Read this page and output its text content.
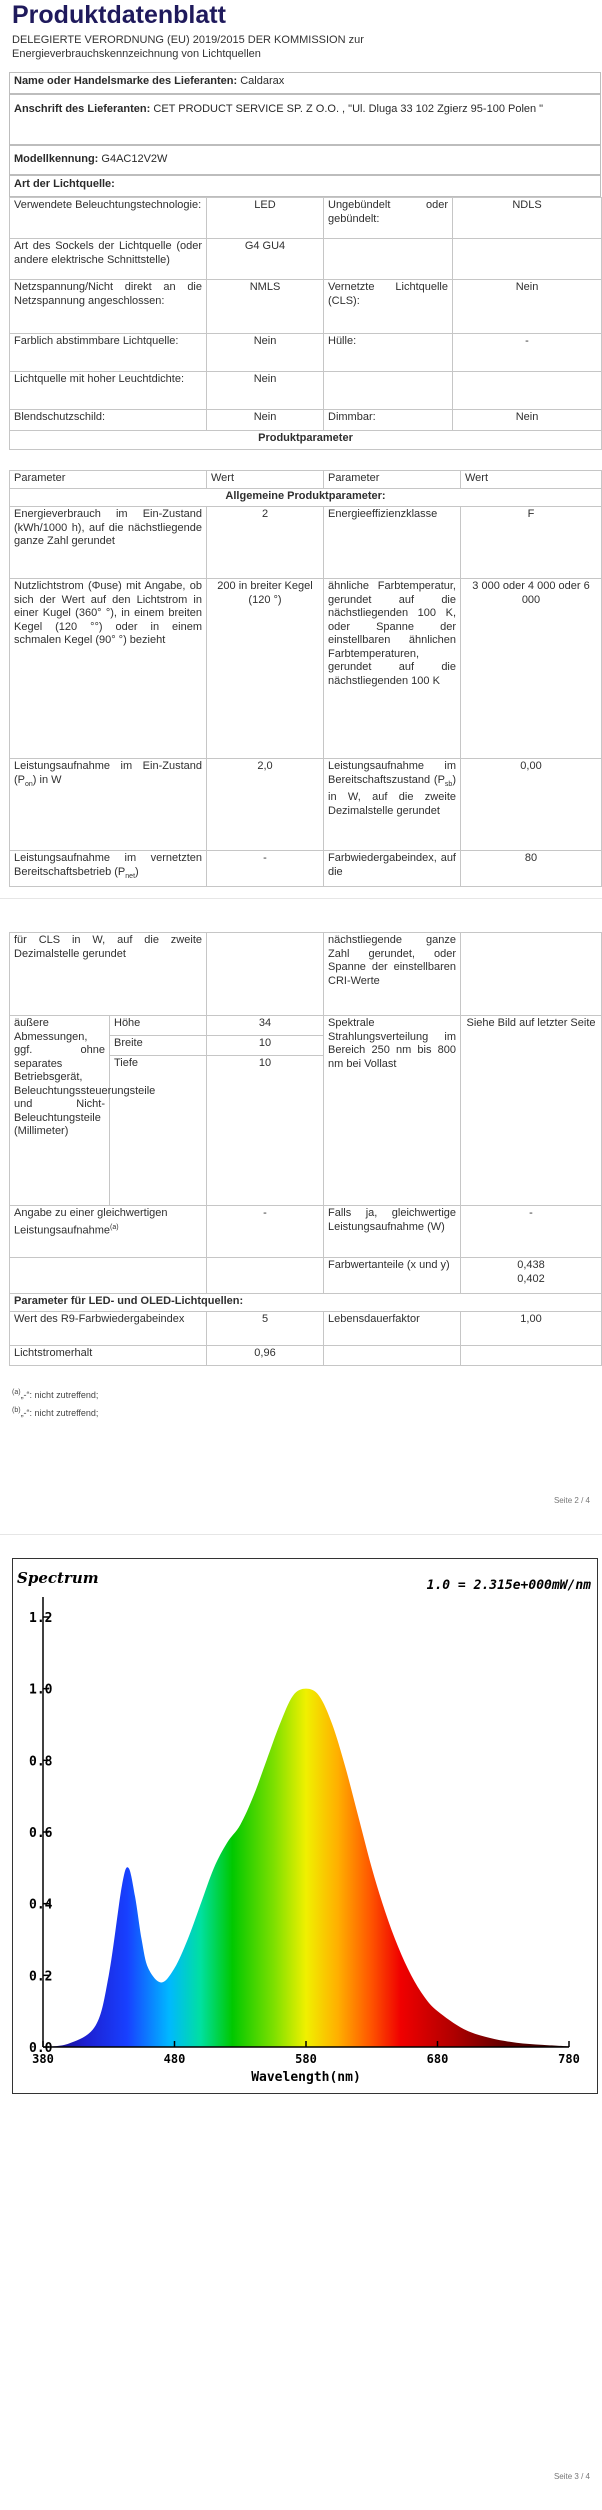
Produktdatenblatt
DELEGIERTE VERORDNUNG (EU) 2019/2015 DER KOMMISSION zur Energieverbrauchskennzeichnung von Lichtquellen
Name oder Handelsmarke des Lieferanten: Caldarax
Anschrift des Lieferanten: CET PRODUCT SERVICE SP. Z O.O. , "Ul. Dluga 33 102 Zgierz 95-100 Polen "
Modellkennung: G4AC12V2W
Art der Lichtquelle:
Verwendete Beleuchtungstechnologie:	LED	Ungebündelt oder gebündelt:	NDLS
Art des Sockels der Lichtquelle (oder andere elektrische Schnittstelle)	G4 GU4		
Netzspannung/Nicht direkt an die Netzspannung angeschlossen:	NMLS	Vernetzte Lichtquelle (CLS):	Nein
Farblich abstimmbare Lichtquelle:	Nein	Hülle:	-
Lichtquelle mit hoher Leuchtdichte:	Nein		
Blendschutzschild:	Nein	Dimmbar:	Nein
Produktparameter			
Parameter	Wert	Parameter	Wert
Allgemeine Produktparameter:			
Energieverbrauch im Ein-Zustand (kWh/1000 h), auf die nächstliegende ganze Zahl gerundet	2	Energieeffizienzklasse	F
Nutzlichtstrom (Φuse) mit Angabe, ob sich der Wert auf den Lichtstrom in einer Kugel (360° °), in einem breiten Kegel (120 °°) oder in einem schmalen Kegel (90° °) bezieht	200 in breiter Kegel (120 °)	ähnliche Farbtemperatur, gerundet auf die nächstliegenden 100 K, oder Spanne der einstellbaren ähnlichen Farbtemperaturen, gerundet auf die nächstliegenden 100 K	3 000 oder 4 000 oder 6 000
Leistungsaufnahme im Ein-Zustand $(P_{on})$ in W	2,0	Leistungsaufnahme im Bereitschaftszustand $(P_{sb})$ in W, auf die zweite Dezimalstelle gerundet	0,00
Leistungsaufnahme im vernetzten Bereitschaftsbetrieb $(P_{net})$	-	Farbwiedergabeindex, auf die	80
für CLS in W, auf die zweite Dezimalstelle gerundet			nächstliegende ganze Zahl gerundet, oder Spanne der einstellbaren CRI-Werte	
äußere Abmessungen, ggf. ohne separates Betriebsgerät, Beleuchtungssteuerungsteile und Nicht-Beleuchtungsteile (Millimeter)	Höhe	34	Spektrale Strahlungsverteilung im Bereich 250 nm bis 800 nm bei Vollast	Siehe Bild auf letzter Seite
	Breite	10		
	Tiefe	10		
Angabe zu einer gleichwertigen Leistungsaufnahme$^{(a)}$		-	Falls ja, gleichwertige Leistungsaufnahme (W)	-
			Farbwertanteile (x und y)	0,438
0,402

Parameter für LED- und OLED-Lichtquellen:				
Wert des R9-Farbwiedergabeindex		5	Lebensdauerfaktor	1,00
Lichtstromerhalt		0,96		
$^{(a)}$„-“: nicht zutreffend;
$^{(b)}$„-“: nicht zutreffend;
Seite 2 / 4
Seite 3 / 4
0.0
0.2
0.4
0.6
0.8
1.0
1.2
380	480	580	680	780
Spectrum	1.0 = 2.315e+000mW/nm
Wavelength(nm)
